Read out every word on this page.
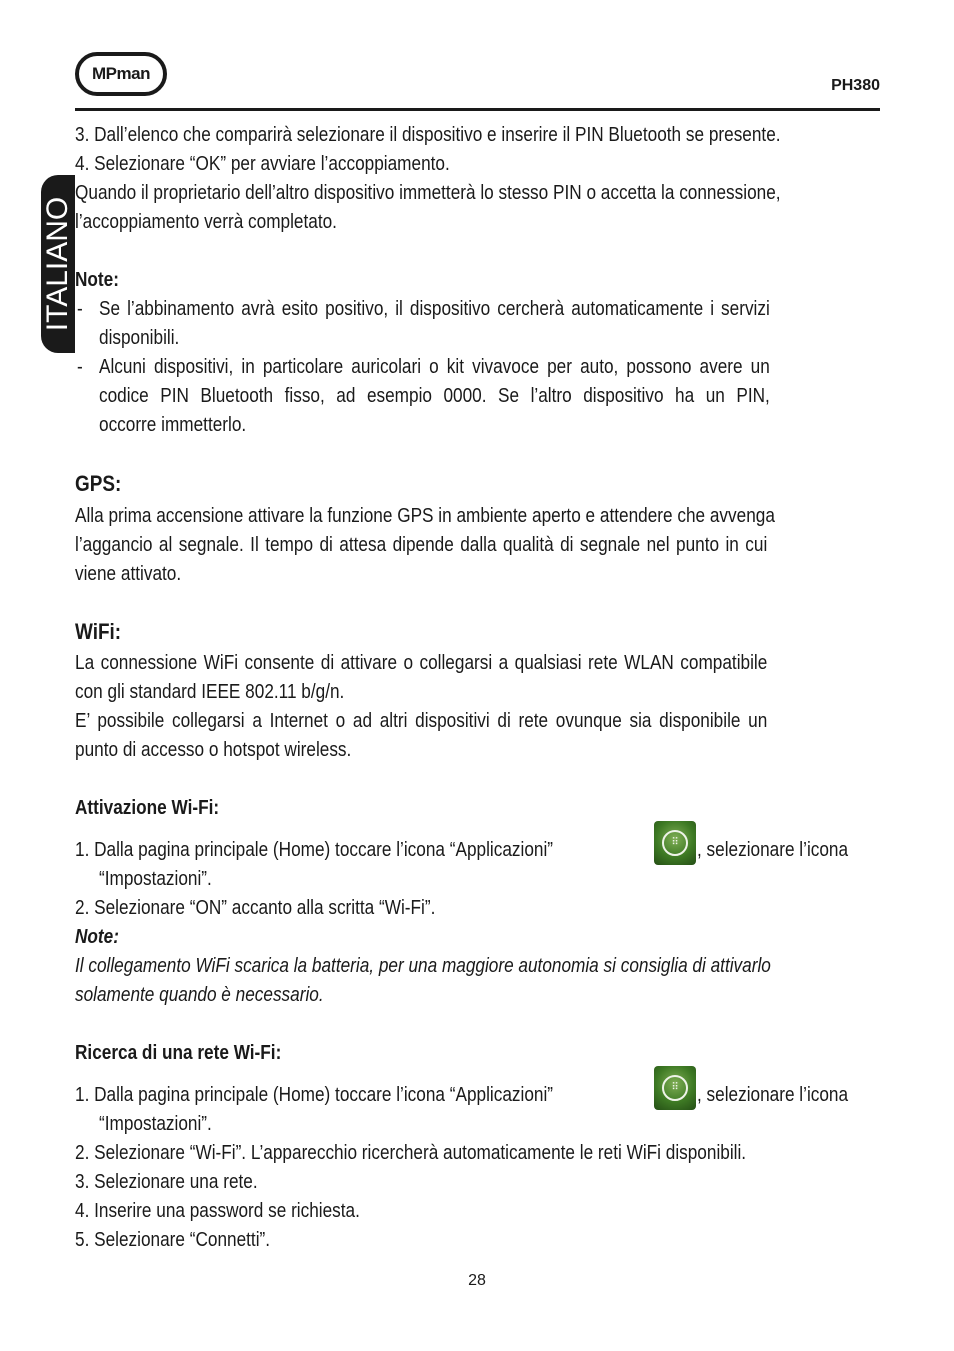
MPman
PH380
ITALIANO
3. Dall’elenco che comparirà selezionare il dispositivo e inserire il PIN Bluetooth se presente.
4. Selezionare “OK” per avviare l’accoppiamento.
Quando il proprietario dell’altro dispositivo immetterà lo stesso PIN o accetta la connessione,
l’accoppiamento verrà completato.
Note:
- Se l’abbinamento avrà esito positivo, il dispositivo cercherà automaticamente i servizi
disponibili.
- Alcuni dispositivi, in particolare auricolari o kit vivavoce per auto, possono avere un
codice PIN Bluetooth fisso, ad esempio 0000. Se l’altro dispositivo ha un PIN,
occorre immetterlo.
GPS:
Alla prima accensione attivare la funzione GPS in ambiente aperto e attendere che avvenga
l’aggancio al segnale. Il tempo di attesa dipende dalla qualità di segnale nel punto in cui
viene attivato.
WiFi:
La connessione WiFi consente di attivare o collegarsi a qualsiasi rete WLAN compatibile
con gli standard IEEE 802.11 b/g/n.
E’ possibile collegarsi a Internet o ad altri dispositivi di rete ovunque sia disponibile un
punto di accesso o hotspot wireless.
Attivazione Wi-Fi:
1. Dalla pagina principale (Home) toccare l’icona “Applicazioni”	⠿ , selezionare l’icona
“Impostazioni”.
2. Selezionare “ON” accanto alla scritta “Wi-Fi”.
Note:
Il collegamento WiFi scarica la batteria, per una maggiore autonomia si consiglia di attivarlo
solamente quando è necessario.
Ricerca di una rete Wi-Fi:
1. Dalla pagina principale (Home) toccare l’icona “Applicazioni”	⠿ , selezionare l’icona
“Impostazioni”.
2. Selezionare “Wi-Fi”. L’apparecchio ricercherà automaticamente le reti WiFi disponibili.
3. Selezionare una rete.
4. Inserire una password se richiesta.
5. Selezionare “Connetti”.
28
